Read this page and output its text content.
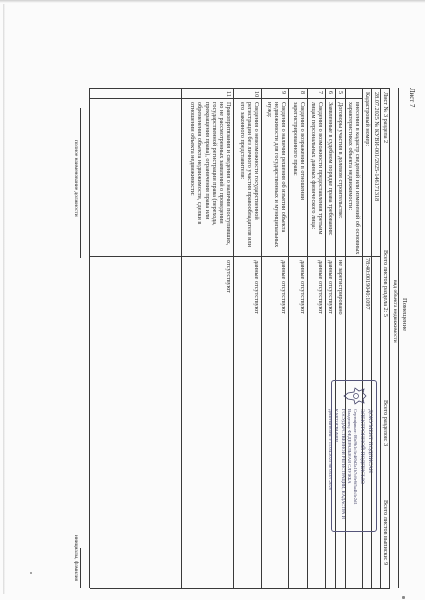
Лист 7
Помещение
вид объекта недвижимости
Лист № 3 раздела 2
Всего листов раздела 2: 5
Всего разделов: 3
Всего листов выписки: 9
28.07.2025 № КУВИ-001/2025-146171318
Кадастровый номер:
78:40:0019040:1097
внесения в кадастр сведений или изменений об основных
характеристиках объекта недвижимости:
5
Договоры участия в долевом строительстве:
не зарегистрировано
6
Заявленные в судебном порядке права требования:
данные отсутствуют
7
Сведения о возможности предоставления третьим лицам персональных данных физического лица:
данные отсутствуют
8
Сведения о возражении в отношении зарегистрированного права:
данные отсутствуют
9
Сведения о наличии решения об изъятии объекта недвижимости для государственных и муниципальных нужд:
данные отсутствуют
10
Сведения о невозможности государственной регистрации без личного участия правообладателя или его законного представителя:
данные отсутствуют
11
Правопритязания и сведения о наличии поступивших, но не рассмотренных заявлений о проведении государственной регистрации права (перехода, прекращения права), ограничения права или обременения объекта недвижимости, сделки в отношении объекта недвижимости:
отсутствуют
ДОКУМЕНТ ПОДПИСАН
ЭЛЕКТРОННОЙ ПОДПИСЬЮ
Сертификат: 00a9b1c3e4f0d2a1b7c8e6f5a4b3c2d1
Владелец: ФЕДЕРАЛЬНАЯ СЛУЖБА ГОСУДАРСТВЕННОЙ РЕГИСТРАЦИИ, КАДАСТРА И КАРТОГРАФИИ
Действителен: с 11.04.2025 по 05.07.2026
полное наименование должности
инициалы, фамилия
